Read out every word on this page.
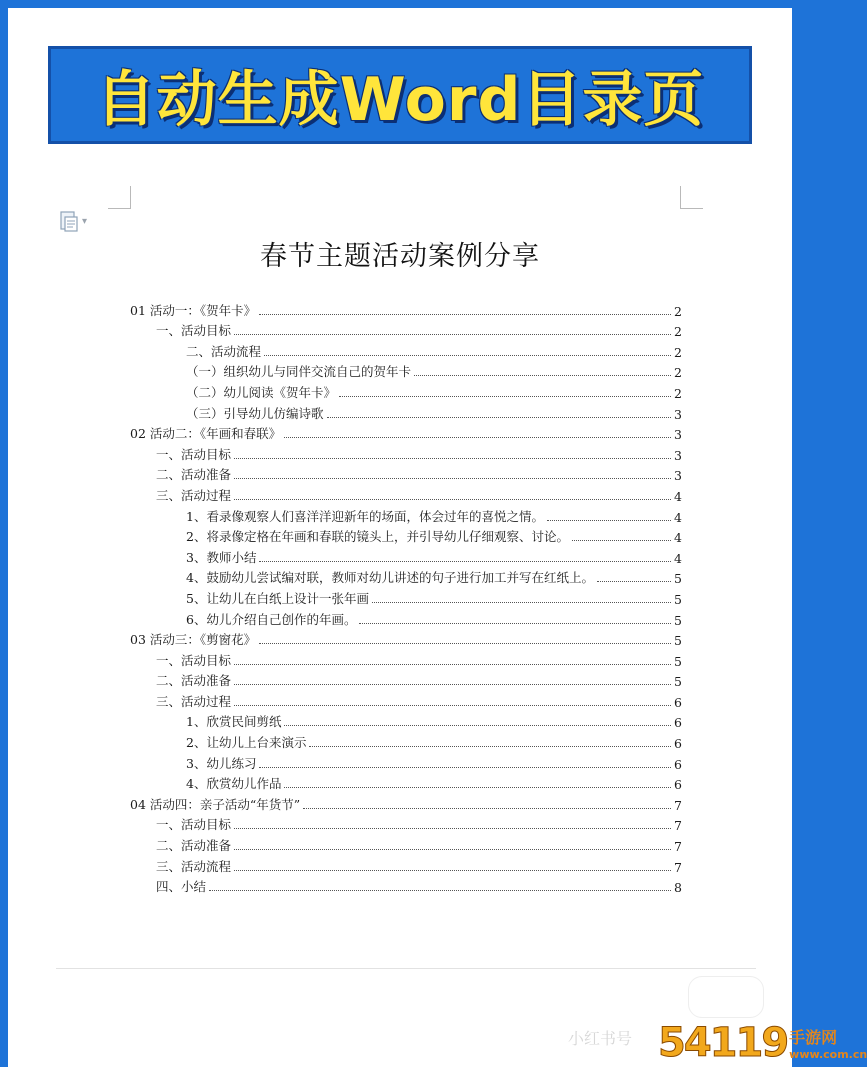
自动生成Word目录页
▾
春节主题活动案例分享
01 活动一：《贺年卡》	2
一、活动目标	2
二、活动流程	2
（一）组织幼儿与同伴交流自己的贺年卡	2
（二）幼儿阅读《贺年卡》	2
（三）引导幼儿仿编诗歌	3
02 活动二：《年画和春联》	3
一、活动目标	3
二、活动准备	3
三、活动过程	4
1、看录像观察人们喜洋洋迎新年的场面，体会过年的喜悦之情。	4
2、将录像定格在年画和春联的镜头上，并引导幼儿仔细观察、讨论。	4
3、教师小结	4
4、鼓励幼儿尝试编对联，教师对幼儿讲述的句子进行加工并写在红纸上。	5
5、让幼儿在白纸上设计一张年画	5
6、幼儿介绍自己创作的年画。	5
03 活动三：《剪窗花》	5
一、活动目标	5
二、活动准备	5
三、活动过程	6
1、欣赏民间剪纸	6
2、让幼儿上台来演示	6
3、幼儿练习	6
4、欣赏幼儿作品	6
04 活动四：亲子活动“年货节”	7
一、活动目标	7
二、活动准备	7
三、活动流程	7
四、小结	8
小红书号 54119 手游网
www.com.cn
